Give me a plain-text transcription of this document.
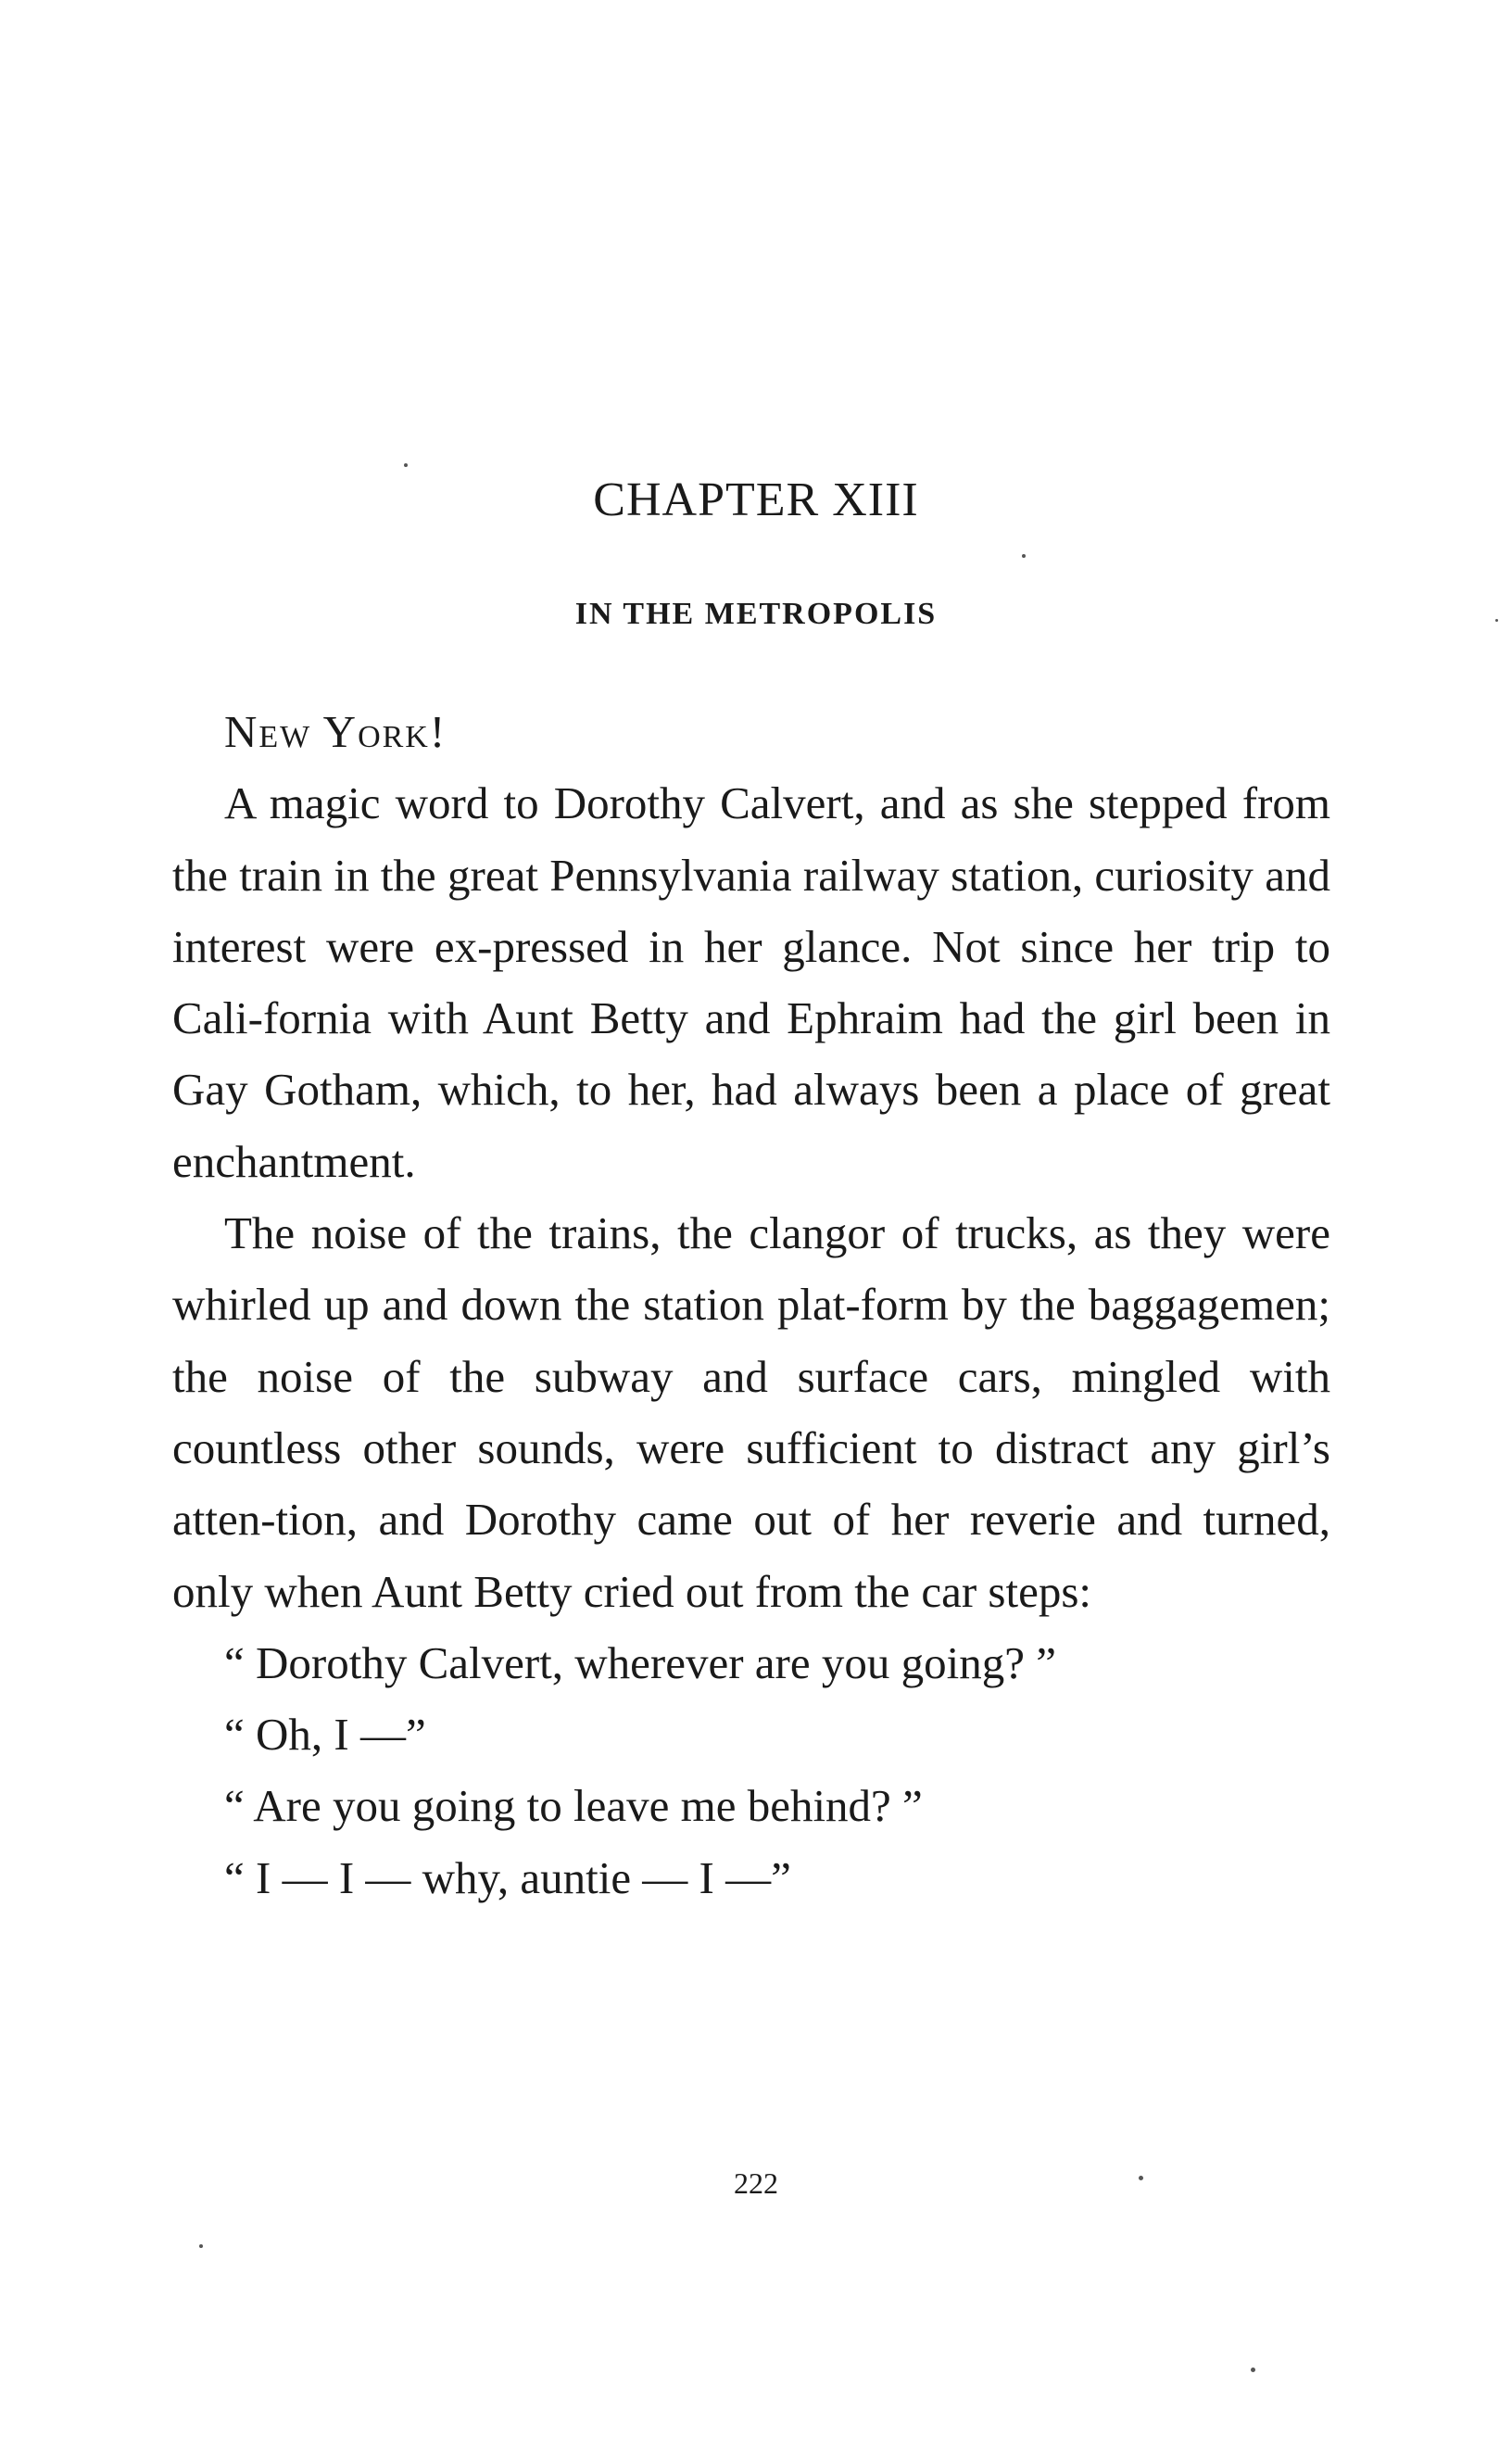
CHAPTER XIII
IN THE METROPOLIS

New York!

A magic word to Dorothy Calvert, and as she stepped from the train in the great Pennsylvania railway station, curiosity and interest were ex-pressed in her glance. Not since her trip to Cali-fornia with Aunt Betty and Ephraim had the girl been in Gay Gotham, which, to her, had always been a place of great enchantment.

The noise of the trains, the clangor of trucks, as they were whirled up and down the station plat-form by the baggagemen; the noise of the subway and surface cars, mingled with countless other sounds, were sufficient to distract any girl’s atten-tion, and Dorothy came out of her reverie and turned, only when Aunt Betty cried out from the car steps:

“ Dorothy Calvert, wherever are you going? ”

“ Oh, I —”

“ Are you going to leave me behind? ”

“ I — I — why, auntie — I —”

222
